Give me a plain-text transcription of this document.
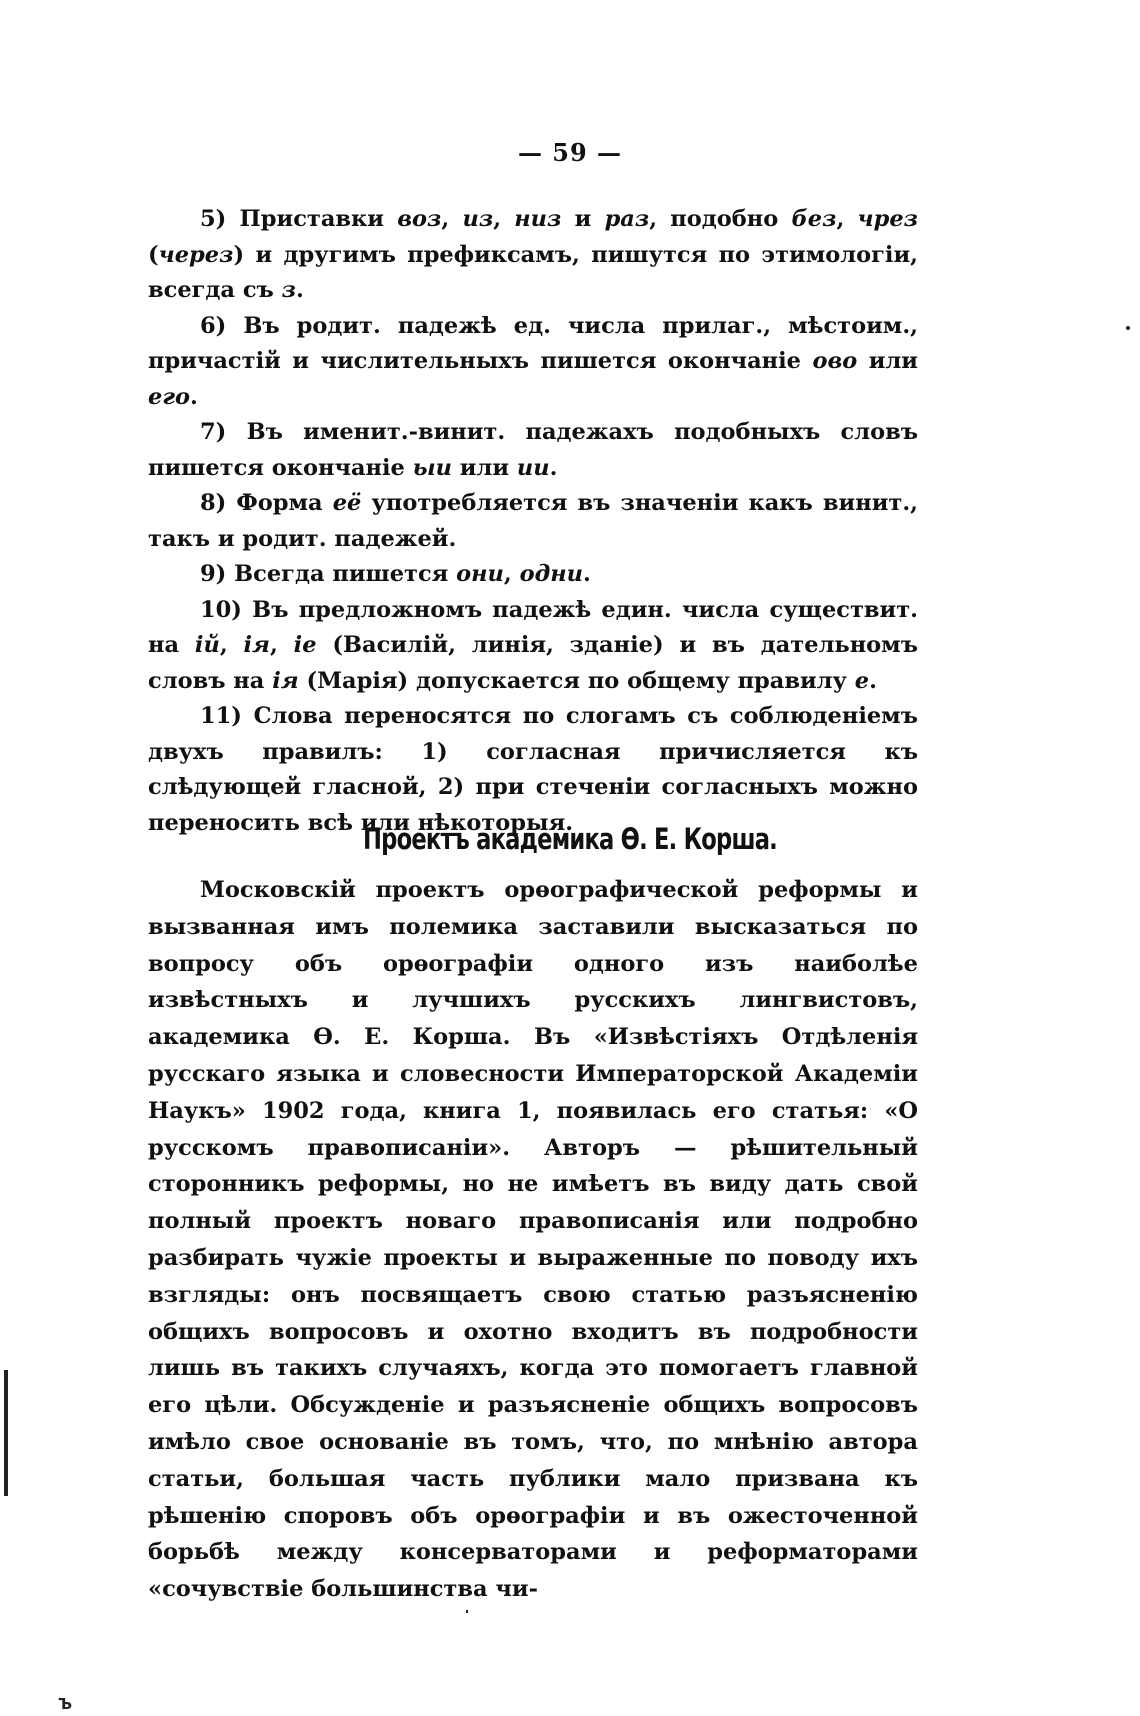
— 59 —

5) Приставки воз, из, низ и раз, подобно без, чрез (через) и другимъ префиксамъ, пишутся по этимологіи, всегда съ з.

6) Въ родит. падежѣ ед. числа прилаг., мѣстоим., причастій и числительныхъ пишется окончаніе ово или его.

7) Въ именит.-винит. падежахъ подобныхъ словъ пишется окончаніе ыи или ии.

8) Форма её употребляется въ значеніи какъ винит., такъ и родит. падежей.

9) Всегда пишется они, одни.

10) Въ предложномъ падежѣ един. числа существит. на ій, ія, іе (Василій, линія, зданіе) и въ дательномъ словъ на ія (Марія) допускается по общему правилу е.

11) Слова переносятся по слогамъ съ соблюденіемъ двухъ правилъ: 1) согласная причисляется къ слѣдующей гласной, 2) при стеченіи согласныхъ можно переносить всѣ или нѣкоторыя.

Проектъ академика Ѳ. Е. Корша.

Московскій проектъ орѳографической реформы и вызванная имъ полемика заставили высказаться по вопросу объ орѳографіи одного изъ наиболѣе извѣстныхъ и лучшихъ русскихъ лингвистовъ, академика Ѳ. Е. Корша. Въ «Извѣстіяхъ Отдѣленія русскаго языка и словесности Императорской Академіи Наукъ» 1902 года, книга 1, появилась его статья: «О русскомъ правописаніи». Авторъ — рѣшительный сторонникъ реформы, но не имѣетъ въ виду дать свой полный проектъ новаго правописанія или подробно разбирать чужіе проекты и выраженные по поводу ихъ взгляды: онъ посвящаетъ свою статью разъясненію общихъ вопросовъ и охотно входитъ въ подробности лишь въ такихъ случаяхъ, когда это помогаетъ главной его цѣли. Обсужденіе и разъясненіе общихъ вопросовъ имѣло свое основаніе въ томъ, что, по мнѣнію автора статьи, большая часть публики мало призвана къ рѣшенію споровъ объ орѳографіи и въ ожесточенной борьбѣ между консерваторами и реформаторами «сочувствіе большинства чи-

Ъ
